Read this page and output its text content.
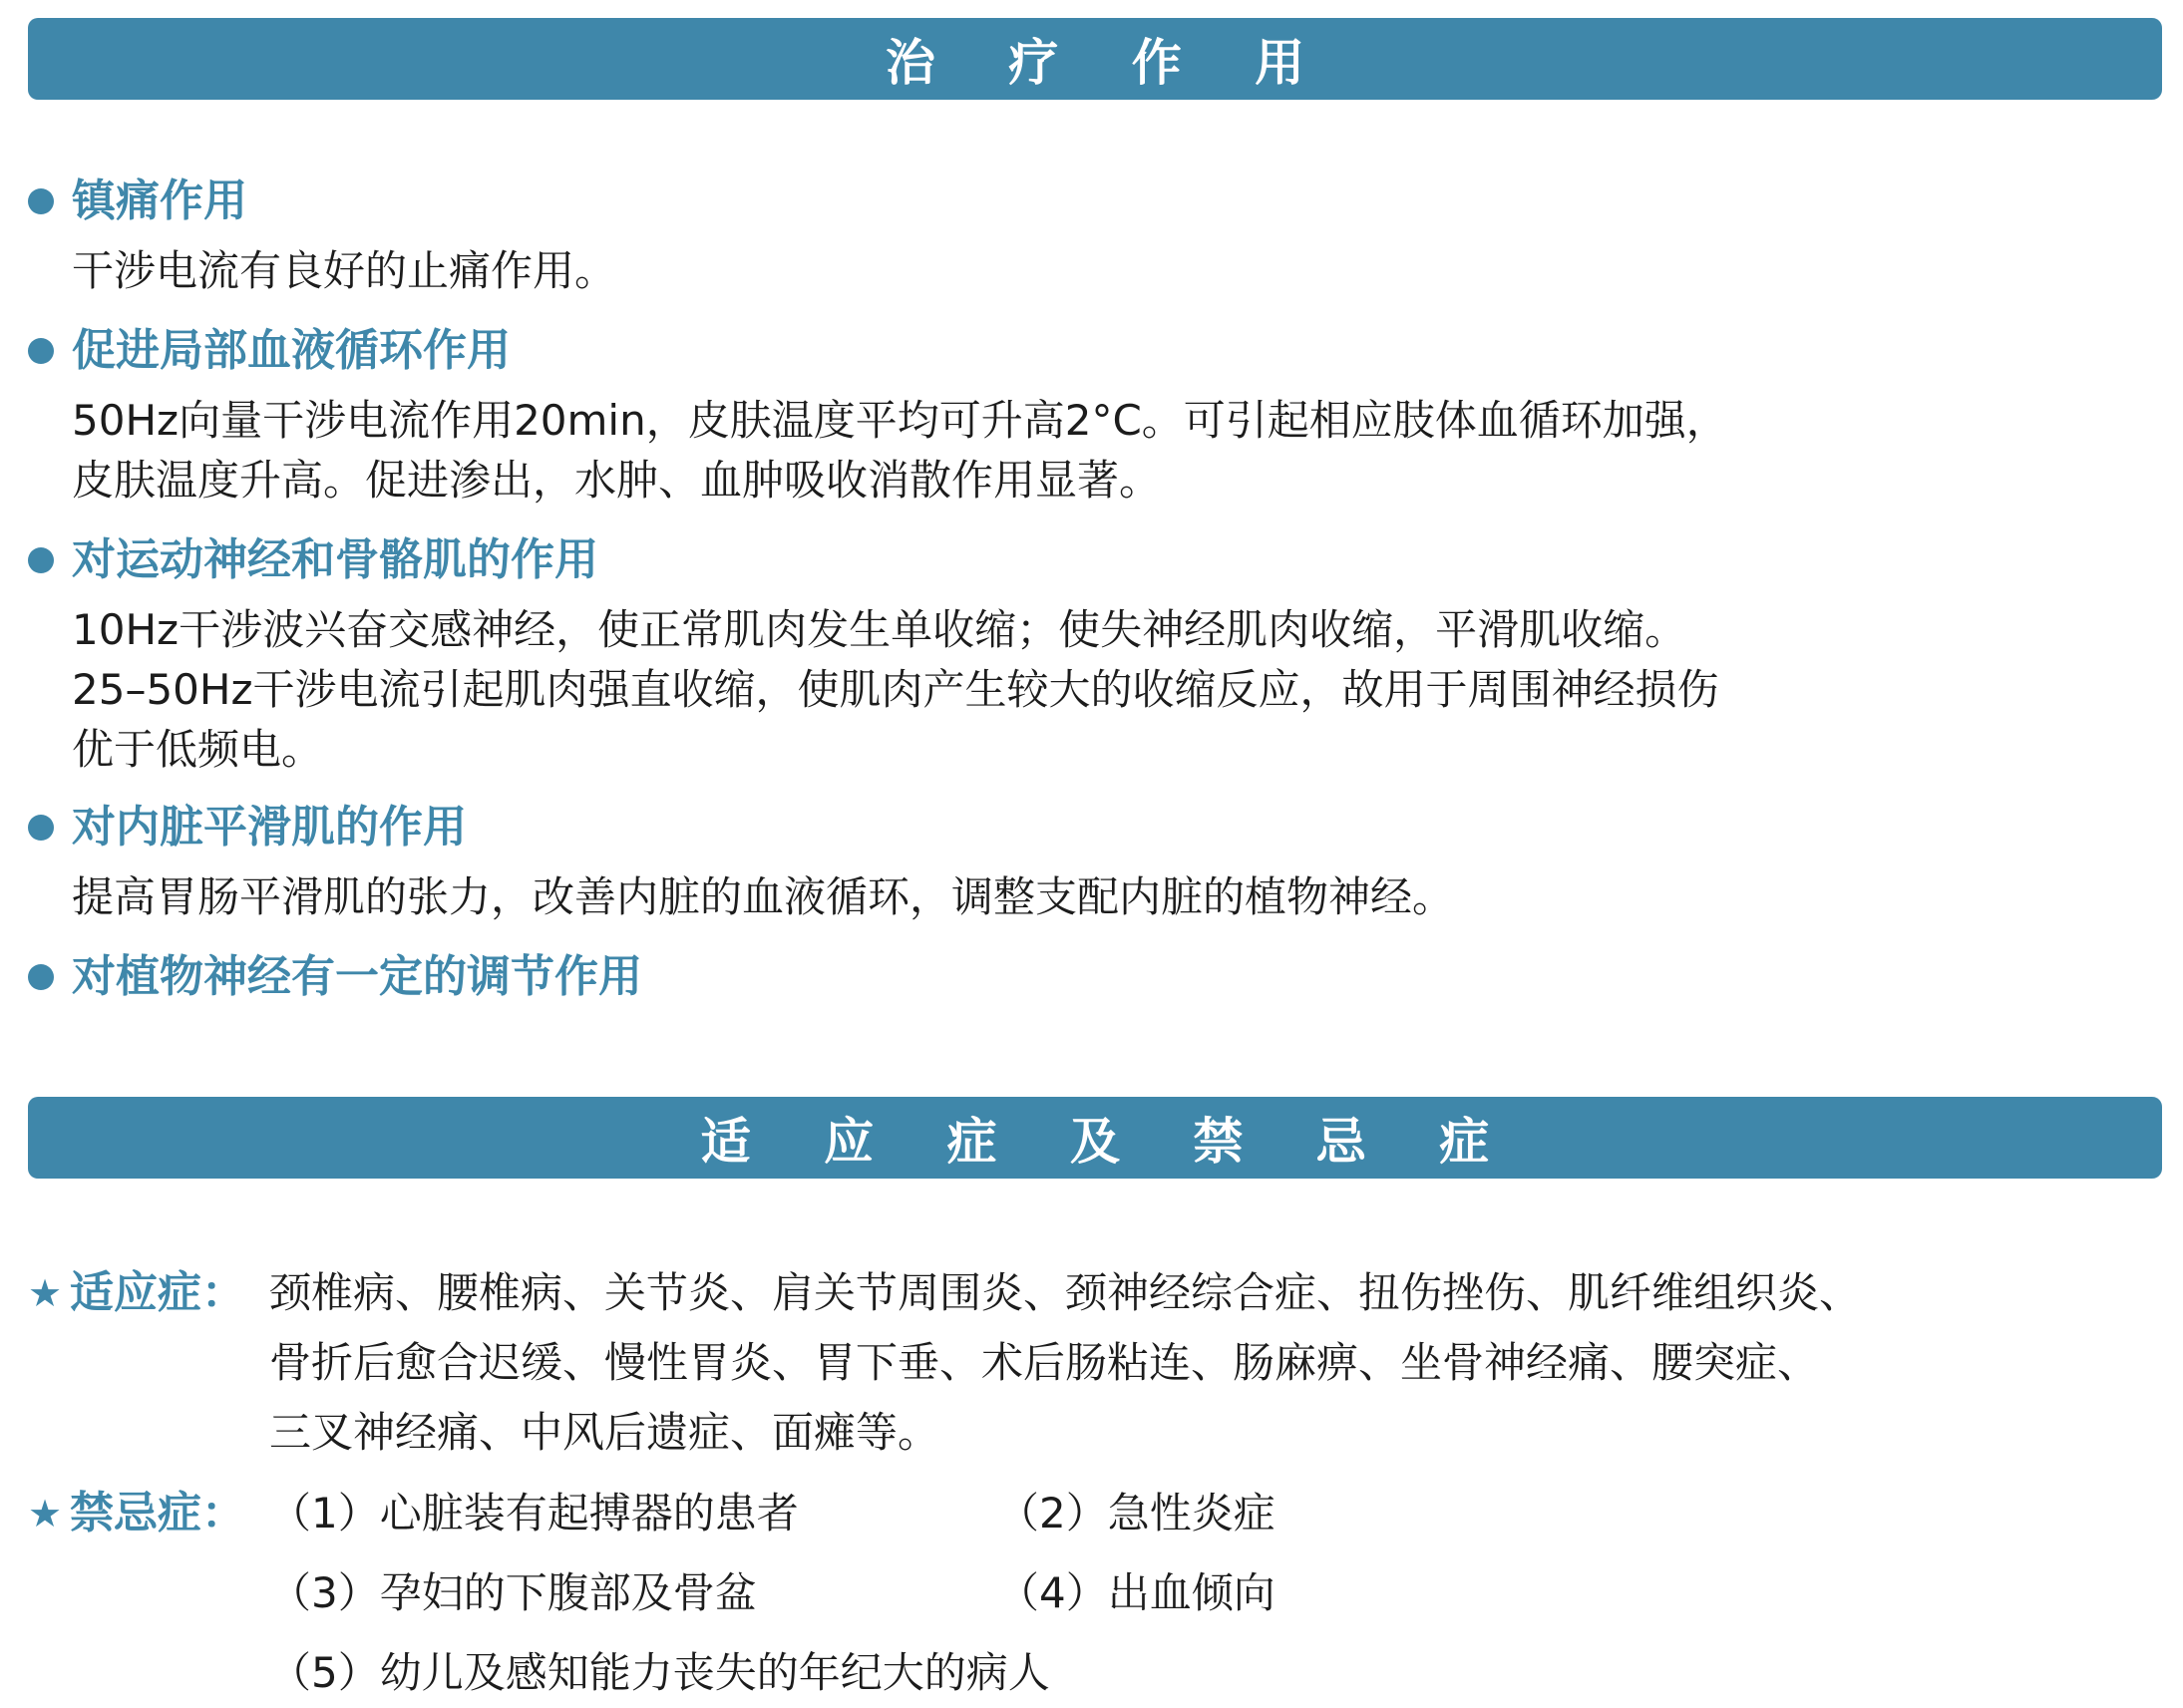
治 疗 作 用
镇痛作用

干涉电流有良好的止痛作用。

促进局部血液循环作用

50Hz向量干涉电流作用20min，皮肤温度平均可升高2°C。可引起相应肢体血循环加强，

皮肤温度升高。促进渗出，水肿、血肿吸收消散作用显著。

对运动神经和骨骼肌的作用

10Hz干涉波兴奋交感神经，使正常肌肉发生单收缩；使失神经肌肉收缩，平滑肌收缩。

25–50Hz干涉电流引起肌肉强直收缩，使肌肉产生较大的收缩反应，故用于周围神经损伤

优于低频电。

对内脏平滑肌的作用

提高胃肠平滑肌的张力，改善内脏的血液循环，调整支配内脏的植物神经。

对植物神经有一定的调节作用
适 应 症 及 禁 忌 症
★ 适应症： 颈椎病、腰椎病、关节炎、肩关节周围炎、颈神经综合症、扭伤挫伤、肌纤维组织炎、

骨折后愈合迟缓、慢性胃炎、胃下垂、术后肠粘连、肠麻痹、坐骨神经痛、腰突症、

三叉神经痛、中风后遗症、面瘫等。

★ 禁忌症： （1）心脏装有起搏器的患者	（2）急性炎症
（3）孕妇的下腹部及骨盆	（4）出血倾向
（5）幼儿及感知能力丧失的年纪大的病人
